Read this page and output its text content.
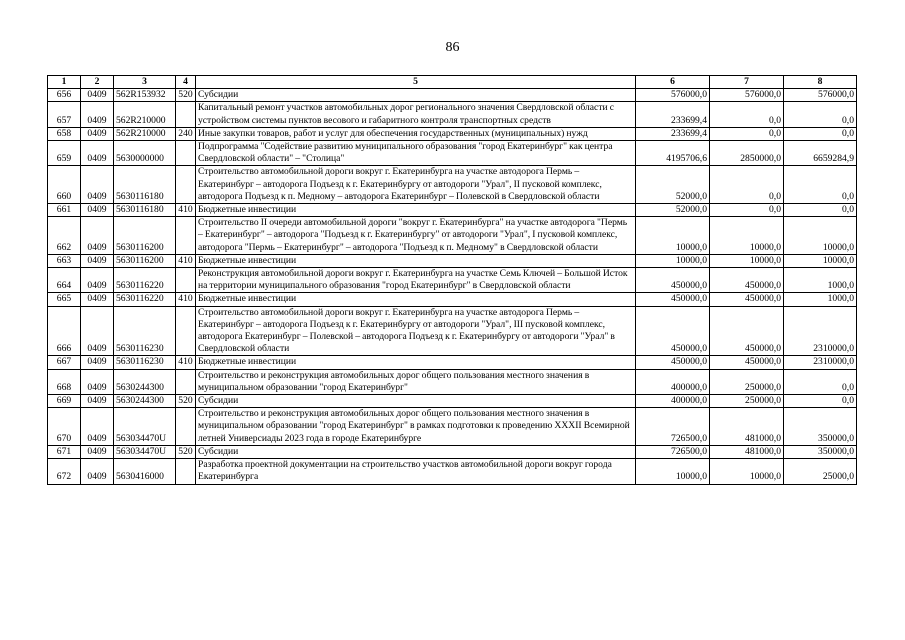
86
1	2	3	4	5	6	7	8
656	0409	562R153932	520	Субсидии	576000,0	576000,0	576000,0
657	0409	562R210000		Капитальный ремонт участков автомобильных дорог регионального значения Свердловской области с устройством системы пунктов весового и габаритного контроля транспортных средств	233699,4	0,0	0,0
658	0409	562R210000	240	Иные закупки товаров, работ и услуг для обеспечения государственных (муниципальных) нужд	233699,4	0,0	0,0
659	0409	5630000000		Подпрограмма "Содействие развитию муниципального образования "город Екатеринбург" как центра Свердловской области" – "Столица"	4195706,6	2850000,0	6659284,9
660	0409	5630116180		Строительство автомобильной дороги вокруг г. Екатеринбурга на участке автодорога Пермь – Екатеринбург – автодорога Подъезд к г. Екатеринбургу от автодороги "Урал", II пусковой комплекс, автодорога Подъезд к п. Медному – автодорога Екатеринбург – Полевской в Свердловской области	52000,0	0,0	0,0
661	0409	5630116180	410	Бюджетные инвестиции	52000,0	0,0	0,0
662	0409	5630116200		Строительство II очереди автомобильной дороги "вокруг г. Екатеринбурга" на участке автодорога "Пермь – Екатеринбург" – автодорога "Подъезд к г. Екатеринбургу" от автодороги "Урал", I пусковой комплекс, автодорога "Пермь – Екатеринбург" – автодорога "Подъезд к п. Медному" в Свердловской области	10000,0	10000,0	10000,0
663	0409	5630116200	410	Бюджетные инвестиции	10000,0	10000,0	10000,0
664	0409	5630116220		Реконструкция автомобильной дороги вокруг г. Екатеринбурга на участке Семь Ключей – Большой Исток на территории муниципального образования "город Екатеринбург" в Свердловской области	450000,0	450000,0	1000,0
665	0409	5630116220	410	Бюджетные инвестиции	450000,0	450000,0	1000,0
666	0409	5630116230		Строительство автомобильной дороги вокруг г. Екатеринбурга на участке автодорога Пермь – Екатеринбург – автодорога Подъезд к г. Екатеринбургу от автодороги "Урал", III пусковой комплекс, автодорога Екатеринбург – Полевской – автодорога Подъезд к г. Екатеринбургу от автодороги "Урал" в Свердловской области	450000,0	450000,0	2310000,0
667	0409	5630116230	410	Бюджетные инвестиции	450000,0	450000,0	2310000,0
668	0409	5630244300		Строительство и реконструкция автомобильных дорог общего пользования местного значения в муниципальном образовании "город Екатеринбург"	400000,0	250000,0	0,0
669	0409	5630244300	520	Субсидии	400000,0	250000,0	0,0
670	0409	563034470U		Строительство и реконструкция автомобильных дорог общего пользования местного значения в муниципальном образовании "город Екатеринбург" в рамках подготовки к проведению XXXII Всемирной летней Универсиады 2023 года в городе Екатеринбурге	726500,0	481000,0	350000,0
671	0409	563034470U	520	Субсидии	726500,0	481000,0	350000,0
672	0409	5630416000		Разработка проектной документации на строительство участков автомобильной дороги вокруг города Екатеринбурга	10000,0	10000,0	25000,0
